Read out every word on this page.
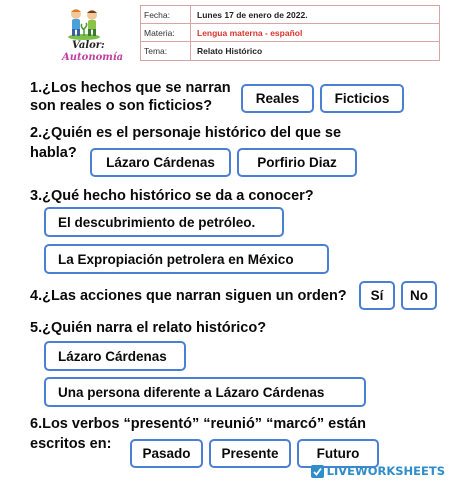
Valor:
Autonomía
Fecha:	Lunes 17 de enero de 2022.
Materia:	Lengua materna - español
Tema:	Relato Histórico
1.¿Los hechos que se narran
son reales o son ficticios?	Reales	Ficticios
2.¿Quién es el personaje histórico del que se
habla?
Lázaro Cárdenas	Porfirio Diaz
3.¿Qué hecho histórico se da a conocer?
El descubrimiento de petróleo.
La Expropiación petrolera en México
4.¿Las acciones que narran siguen un orden?	Sí	No
5.¿Quién narra el relato histórico?
Lázaro Cárdenas
Una persona diferente a Lázaro Cárdenas
6.Los verbos “presentó” “reunió” “marcó” están
escritos en:
Pasado	Presente	Futuro
LIVEWORKSHEETS
